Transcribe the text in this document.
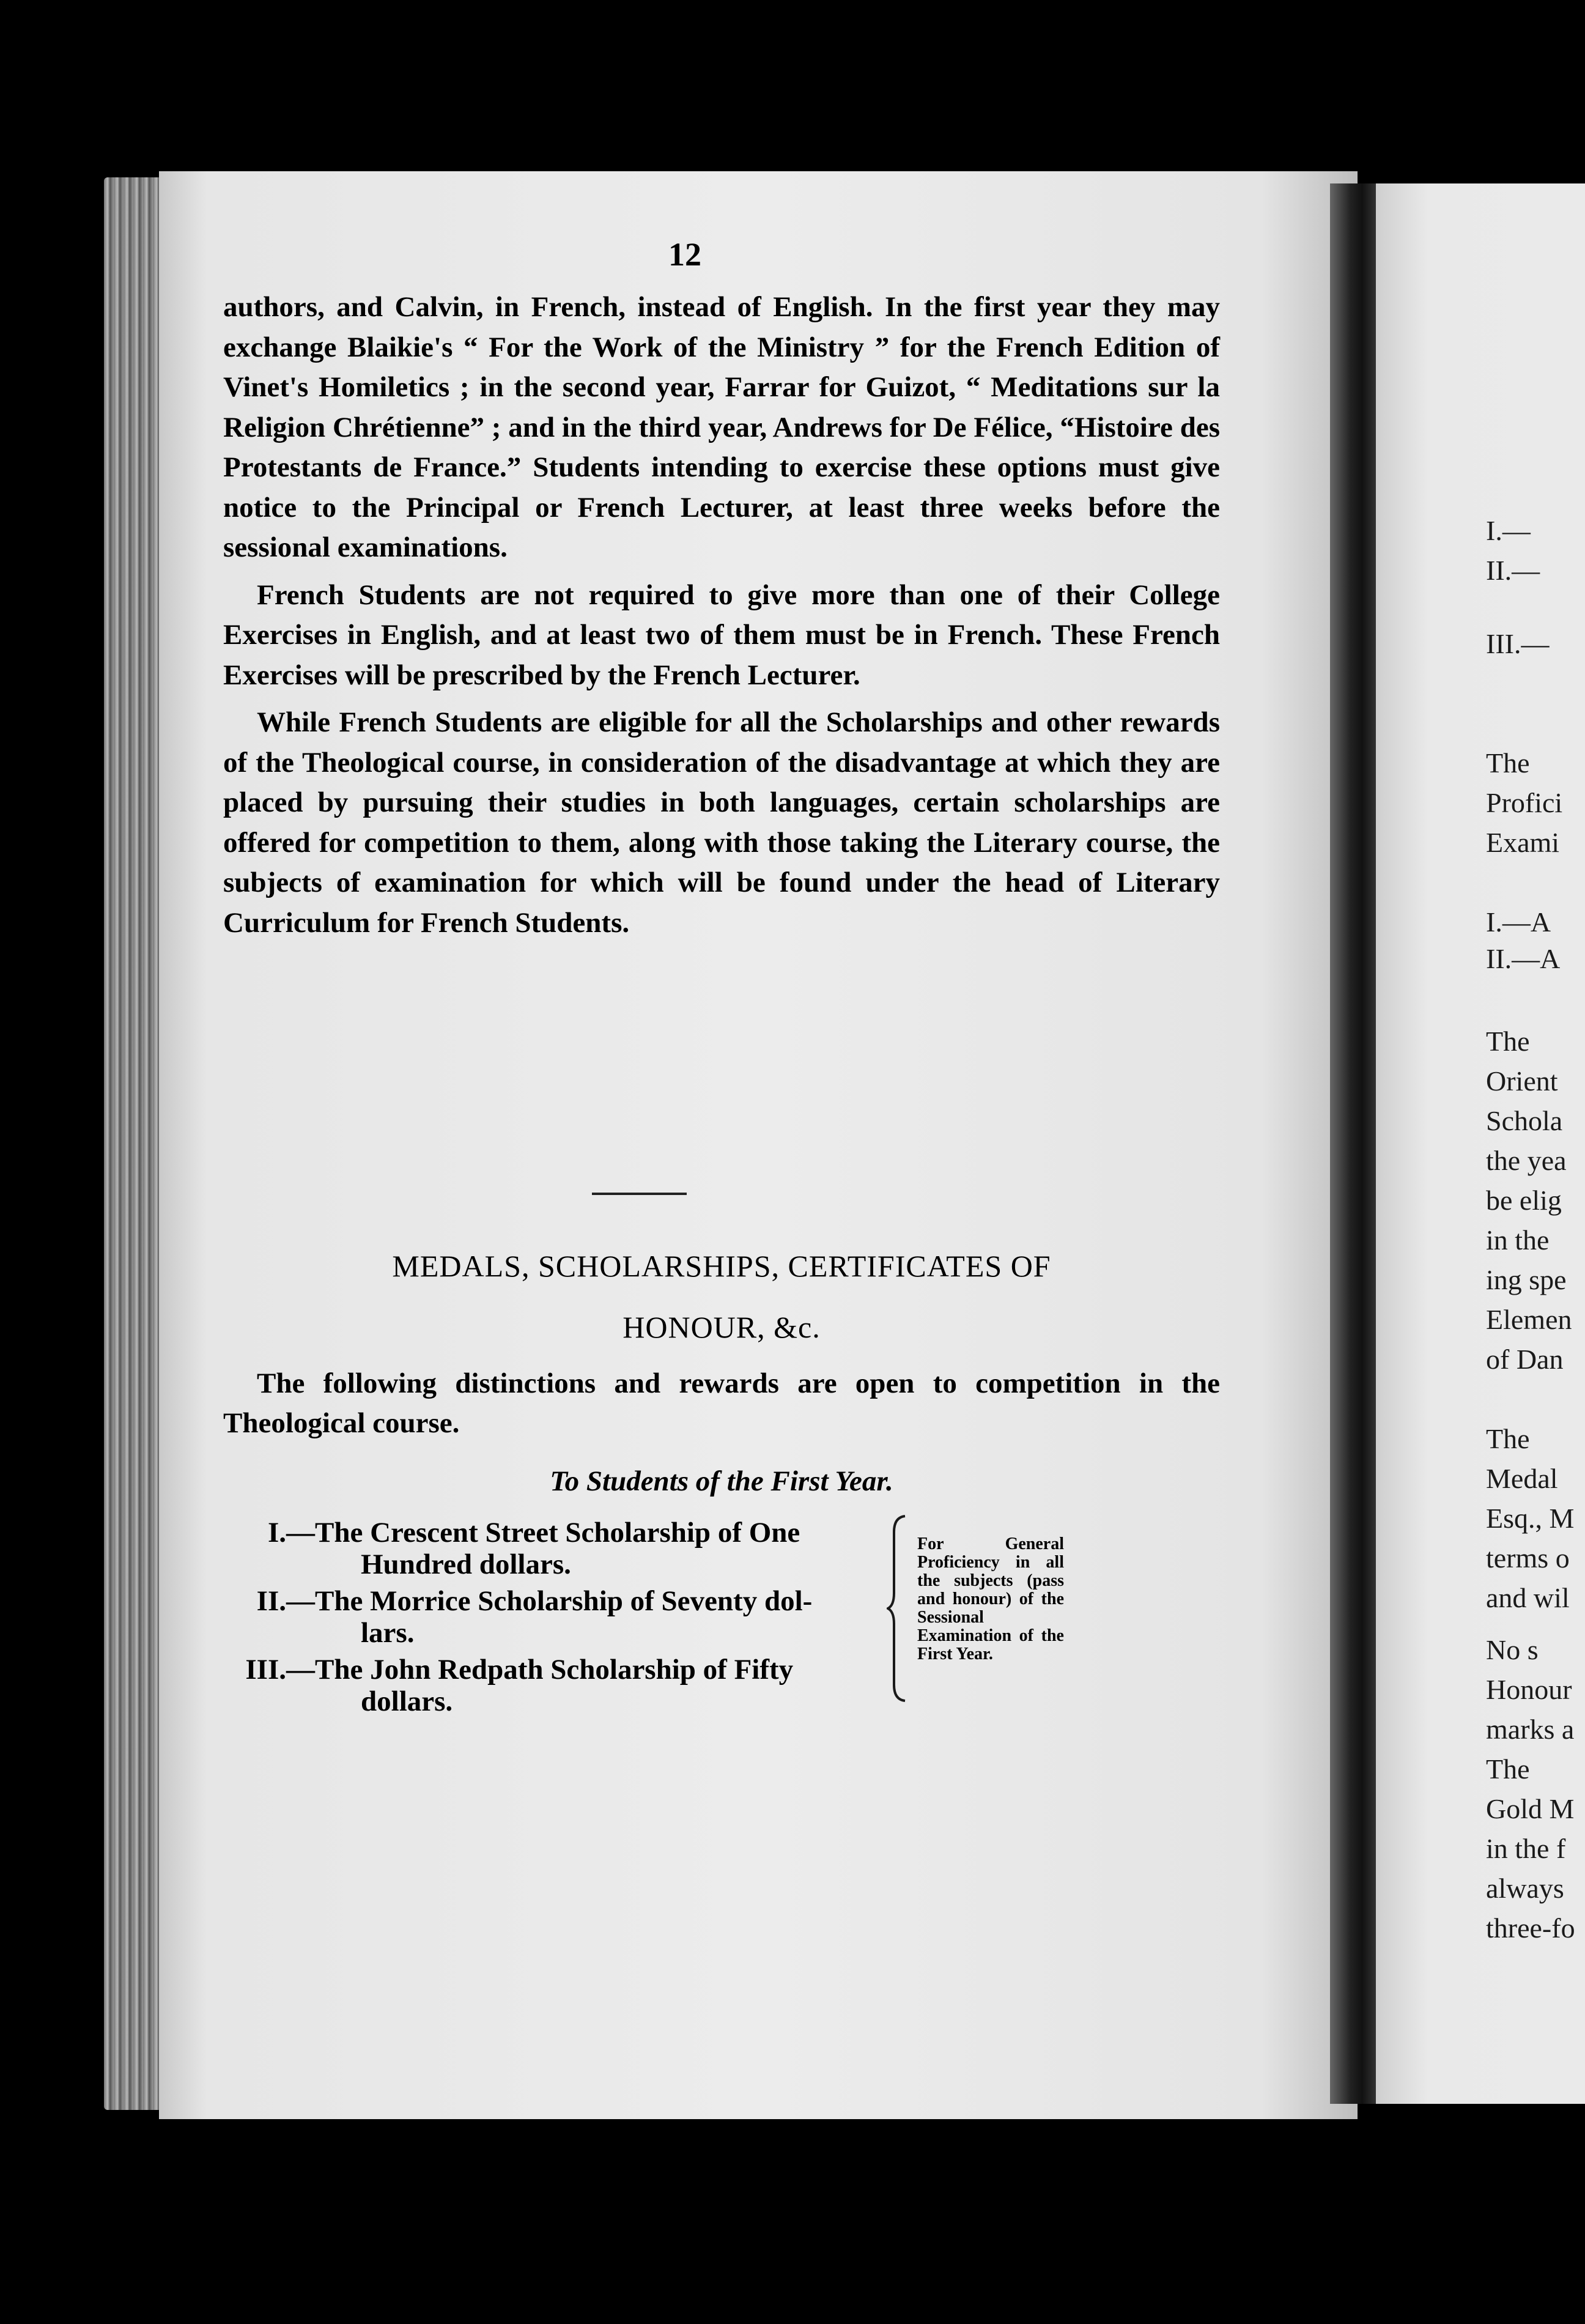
I.—
II.—
III.—
The
Profici
Exami
I.—A
II.—A
The
Orient
Schola
the yea
be elig
in the
ing spe
Elemen
of Dan
The
Medal
Esq., M
terms o
and wil
No s
Honour
marks a
The
Gold M
in the f
always
three-fo
12

authors, and Calvin, in French, instead of English. In the first year they may exchange Blaikie's “ For the Work of the Ministry ” for the French Edition of Vinet's Homiletics ; in the second year, Farrar for Guizot, “ Meditations sur la Religion Chrétienne” ; and in the third year, Andrews for De Félice, “Histoire des Protestants de France.” Students intending to exercise these options must give notice to the Principal or French Lecturer, at least three weeks before the sessional examinations.

French Students are not required to give more than one of their College Exercises in English, and at least two of them must be in French. These French Exercises will be prescribed by the French Lecturer.

While French Students are eligible for all the Scholarships and other rewards of the Theological course, in consideration of the disadvantage at which they are placed by pursuing their studies in both languages, certain scholarships are offered for competition to them, along with those taking the Literary course, the subjects of examination for which will be found under the head of Literary Curriculum for French Students.

MEDALS, SCHOLARSHIPS, CERTIFICATES OF
HONOUR, &c.
The following distinctions and rewards are open to competition in the Theological course.
To Students of the First Year.
I.— The Crescent Street Scholarship of One
Hundred dollars.
II.— The Morrice Scholarship of Seventy dol-
lars.
III.— The John Redpath Scholarship of Fifty
dollars.
For General Proficiency in all the subjects (pass and honour) of the Sessional Examination of the First Year.
